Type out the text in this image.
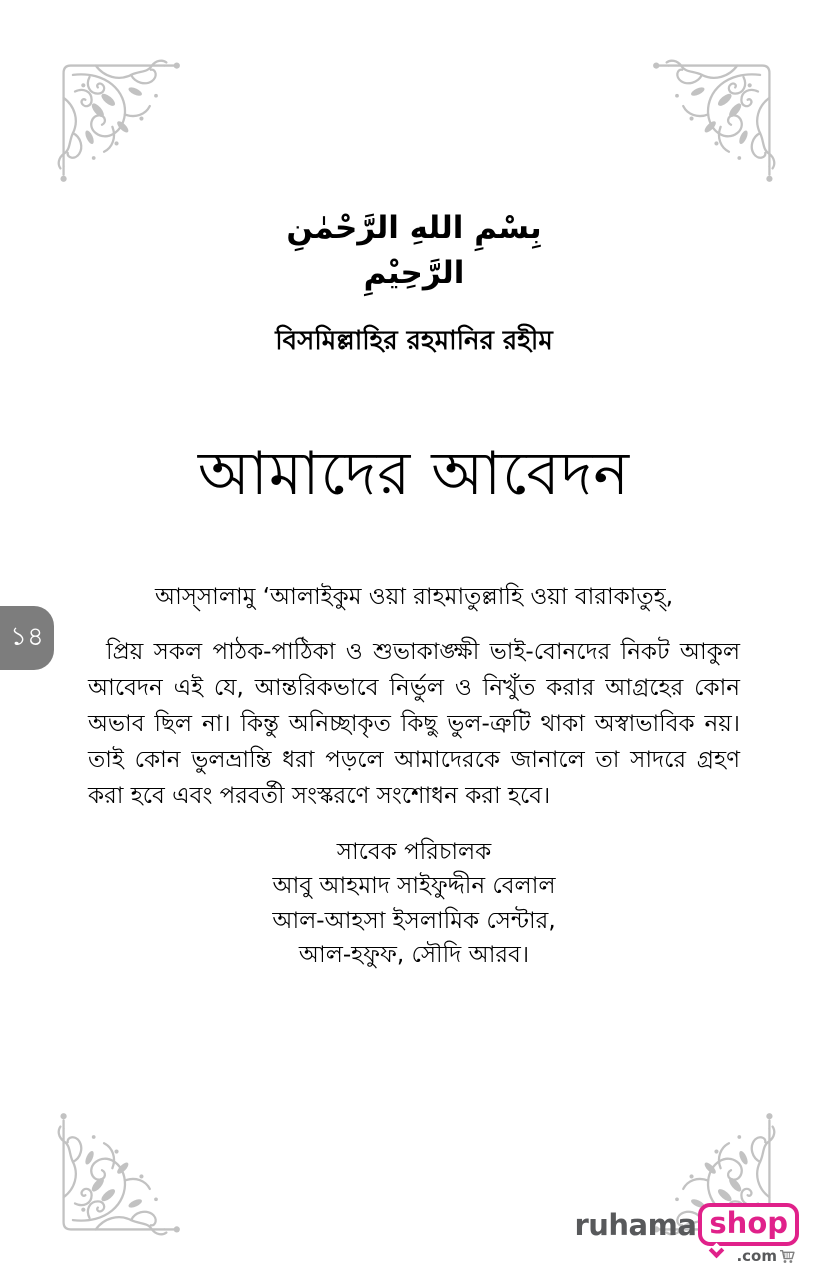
১৪
بِسْمِ اللهِ الرَّحْمٰنِ الرَّحِيْمِ
বিসমিল্লাহির রহমানির রহীম
আমাদের আবেদন

আস্সালামু ‘আলাইকুম ওয়া রাহমাতুল্লাহি ওয়া বারাকাতুহ্,

প্রিয় সকল পাঠক-পাঠিকা ও শুভাকাঙ্ক্ষী ভাই-বোনদের নিকট আকুল আবেদন এই যে, আন্তরিকভাবে নির্ভুল ও নিখুঁত করার আগ্রহের কোন অভাব ছিল না। কিন্তু অনিচ্ছাকৃত কিছু ভুল-ত্রুটি থাকা অস্বাভাবিক নয়। তাই কোন ভুলভ্রান্তি ধরা পড়লে আমাদেরকে জানালে তা সাদরে গ্রহণ করা হবে এবং পরবর্তী সংস্করণে সংশোধন করা হবে।

সাবেক পরিচালক
আবু আহমাদ সাইফুদ্দীন বেলাল
আল-আহসা ইসলামিক সেন্টার,
আল-হফুফ, সৌদি আরব।
ruhama shop
.com
